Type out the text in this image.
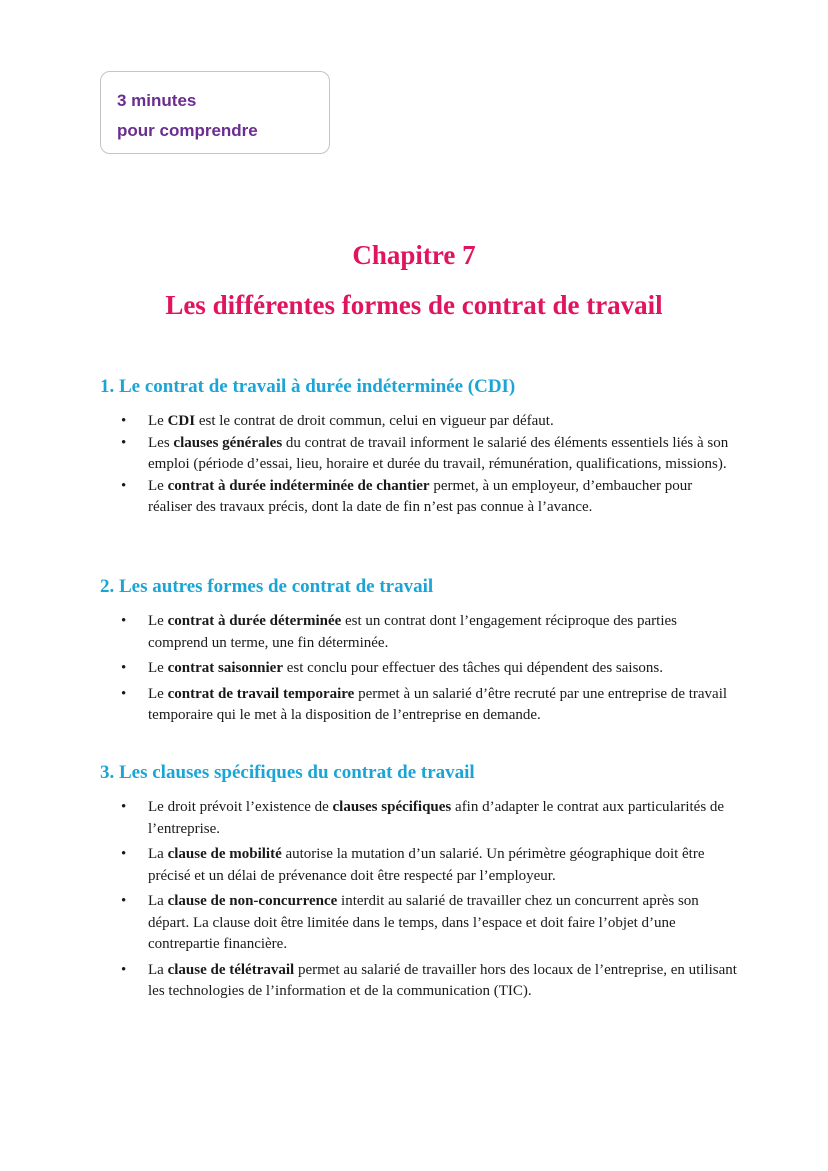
3 minutes
pour comprendre
Chapitre 7
Les différentes formes de contrat de travail
1. Le contrat de travail à durée indéterminée (CDI)
• Le CDI est le contrat de droit commun, celui en vigueur par défaut.
• Les clauses générales du contrat de travail informent le salarié des éléments essentiels liés à son emploi (période d’essai, lieu, horaire et durée du travail, rémunération, qualifications, missions).
• Le contrat à durée indéterminée de chantier permet, à un employeur, d’embaucher pour réaliser des travaux précis, dont la date de fin n’est pas connue à l’avance.
2. Les autres formes de contrat de travail
• Le contrat à durée déterminée est un contrat dont l’engagement réciproque des parties comprend un terme, une fin déterminée.
• Le contrat saisonnier est conclu pour effectuer des tâches qui dépendent des saisons.
• Le contrat de travail temporaire permet à un salarié d’être recruté par une entreprise de travail temporaire qui le met à la disposition de l’entreprise en demande.
3. Les clauses spécifiques du contrat de travail
• Le droit prévoit l’existence de clauses spécifiques afin d’adapter le contrat aux particularités de l’entreprise.
• La clause de mobilité autorise la mutation d’un salarié. Un périmètre géographique doit être précisé et un délai de prévenance doit être respecté par l’employeur.
• La clause de non-concurrence interdit au salarié de travailler chez un concurrent après son départ. La clause doit être limitée dans le temps, dans l’espace et doit faire l’objet d’une contrepartie financière.
• La clause de télétravail permet au salarié de travailler hors des locaux de l’entreprise, en utilisant les technologies de l’information et de la communication (TIC).
